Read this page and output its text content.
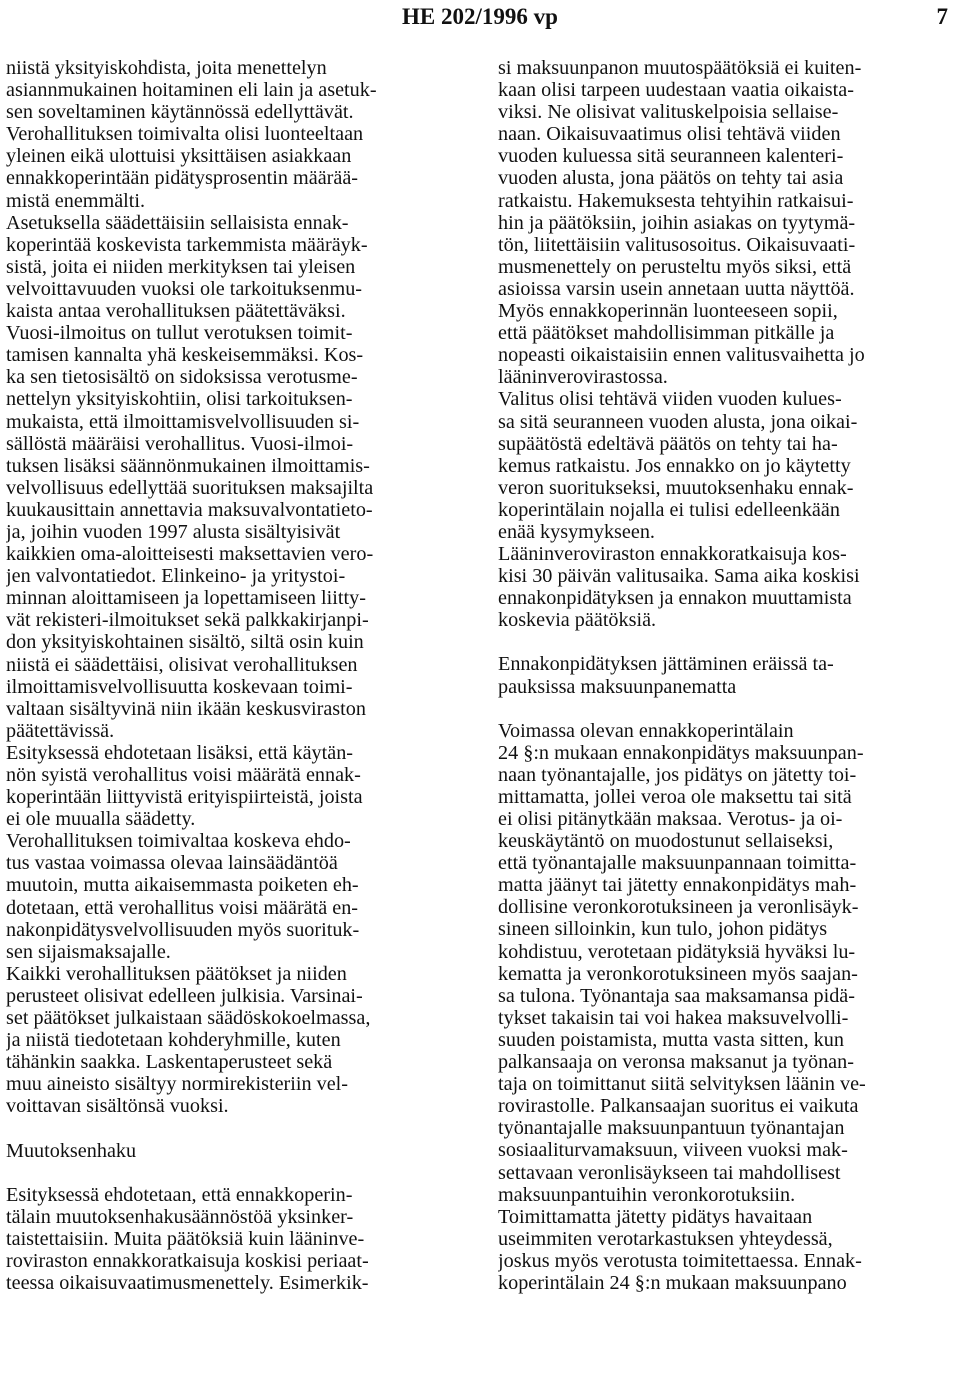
HE 202/1996 vp	7

niistä yksityiskohdista, joita menettelyn
asiannmukainen hoitaminen eli lain ja asetuk-
sen soveltaminen käytännössä edellyttävät.
Verohallituksen toimivalta olisi luonteeltaan
yleinen eikä ulottuisi yksittäisen asiakkaan
ennakkoperintään pidätysprosentin määrää-
mistä enemmälti.

Asetuksella säädettäisiin sellaisista ennak-
koperintää koskevista tarkemmista määräyk-
sistä, joita ei niiden merkityksen tai yleisen
velvoittavuuden vuoksi ole tarkoituksenmu-
kaista antaa verohallituksen päätettäväksi.
Vuosi-ilmoitus on tullut verotuksen toimit-
tamisen kannalta yhä keskeisemmäksi. Kos-
ka sen tietosisältö on sidoksissa verotusme-
nettelyn yksityiskohtiin, olisi tarkoituksen-
mukaista, että ilmoittamisvelvollisuuden si-
sällöstä määräisi verohallitus. Vuosi-ilmoi-
tuksen lisäksi säännönmukainen ilmoittamis-
velvollisuus edellyttää suorituksen maksajilta
kuukausittain annettavia maksuvalvontatieto-
ja, joihin vuoden 1997 alusta sisältyisivät
kaikkien oma-aloitteisesti maksettavien vero-
jen valvontatiedot. Elinkeino- ja yritystoi-
minnan aloittamiseen ja lopettamiseen liitty-
vät rekisteri-ilmoitukset sekä palkkakirjanpi-
don yksityiskohtainen sisältö, siltä osin kuin
niistä ei säädettäisi, olisivat verohallituksen
ilmoittamisvelvollisuutta koskevaan toimi-
valtaan sisältyvinä niin ikään keskusviraston
päätettävissä.

Esityksessä ehdotetaan lisäksi, että käytän-
nön syistä verohallitus voisi määrätä ennak-
koperintään liittyvistä erityispiirteistä, joista
ei ole muualla säädetty.

Verohallituksen toimivaltaa koskeva ehdo-
tus vastaa voimassa olevaa lainsäädäntöä
muutoin, mutta aikaisemmasta poiketen eh-
dotetaan, että verohallitus voisi määrätä en-
nakonpidätysvelvollisuuden myös suorituk-
sen sijaismaksajalle.

Kaikki verohallituksen päätökset ja niiden
perusteet olisivat edelleen julkisia. Varsinai-
set päätökset julkaistaan säädöskokoelmassa,
ja niistä tiedotetaan kohderyhmille, kuten
tähänkin saakka. Laskentaperusteet sekä
muu aineisto sisältyy normirekisteriin vel-
voittavan sisältönsä vuoksi.

Muutoksenhaku

Esityksessä ehdotetaan, että ennakkoperin-
tälain muutoksenhakusäännöstöä yksinker-
taistettaisiin. Muita päätöksiä kuin lääninve-
roviraston ennakkoratkaisuja koskisi periaat-
teessa oikaisuvaatimusmenettely. Esimerkik-

si maksuunpanon muutospäätöksiä ei kuiten-
kaan olisi tarpeen uudestaan vaatia oikaista-
viksi. Ne olisivat valituskelpoisia sellaise-
naan. Oikaisuvaatimus olisi tehtävä viiden
vuoden kuluessa sitä seuranneen kalenteri-
vuoden alusta, jona päätös on tehty tai asia
ratkaistu. Hakemuksesta tehtyihin ratkaisui-
hin ja päätöksiin, joihin asiakas on tyytymä-
tön, liitettäisiin valitusosoitus. Oikaisuvaati-
musmenettely on perusteltu myös siksi, että
asioissa varsin usein annetaan uutta näyttöä.
Myös ennakkoperinnän luonteeseen sopii,
että päätökset mahdollisimman pitkälle ja
nopeasti oikaistaisiin ennen valitusvaihetta jo
lääninverovirastossa.

Valitus olisi tehtävä viiden vuoden kulues-
sa sitä seuranneen vuoden alusta, jona oikai-
supäätöstä edeltävä päätös on tehty tai ha-
kemus ratkaistu. Jos ennakko on jo käytetty
veron suoritukseksi, muutoksenhaku ennak-
koperintälain nojalla ei tulisi edelleenkään
enää kysymykseen.

Lääninveroviraston ennakkoratkaisuja kos-
kisi 30 päivän valitusaika. Sama aika koskisi
ennakonpidätyksen ja ennakon muuttamista
koskevia päätöksiä.

Ennakonpidätyksen jättäminen eräissä ta-
pauksissa maksuunpanematta

Voimassa olevan ennakkoperintälain
24 §:n mukaan ennakonpidätys maksuunpan-
naan työnantajalle, jos pidätys on jätetty toi-
mittamatta, jollei veroa ole maksettu tai sitä
ei olisi pitänytkään maksaa. Verotus- ja oi-
keuskäytäntö on muodostunut sellaiseksi,
että työnantajalle maksuunpannaan toimitta-
matta jäänyt tai jätetty ennakonpidätys mah-
dollisine veronkorotuksineen ja veronlisäyk-
sineen silloinkin, kun tulo, johon pidätys
kohdistuu, verotetaan pidätyksiä hyväksi lu-
kematta ja veronkorotuksineen myös saajan-
sa tulona. Työnantaja saa maksamansa pidä-
tykset takaisin tai voi hakea maksuvelvolli-
suuden poistamista, mutta vasta sitten, kun
palkansaaja on veronsa maksanut ja työnan-
taja on toimittanut siitä selvityksen läänin ve-
rovirastolle. Palkansaajan suoritus ei vaikuta
työnantajalle maksuunpantuun työnantajan
sosiaaliturvamaksuun, viiveen vuoksi mak-
settavaan veronlisäykseen tai mahdollisest
maksuunpantuihin veronkorotuksiin.

Toimittamatta jätetty pidätys havaitaan
useimmiten verotarkastuksen yhteydessä,
joskus myös verotusta toimitettaessa. Ennak-
koperintälain 24 §:n mukaan maksuunpano
